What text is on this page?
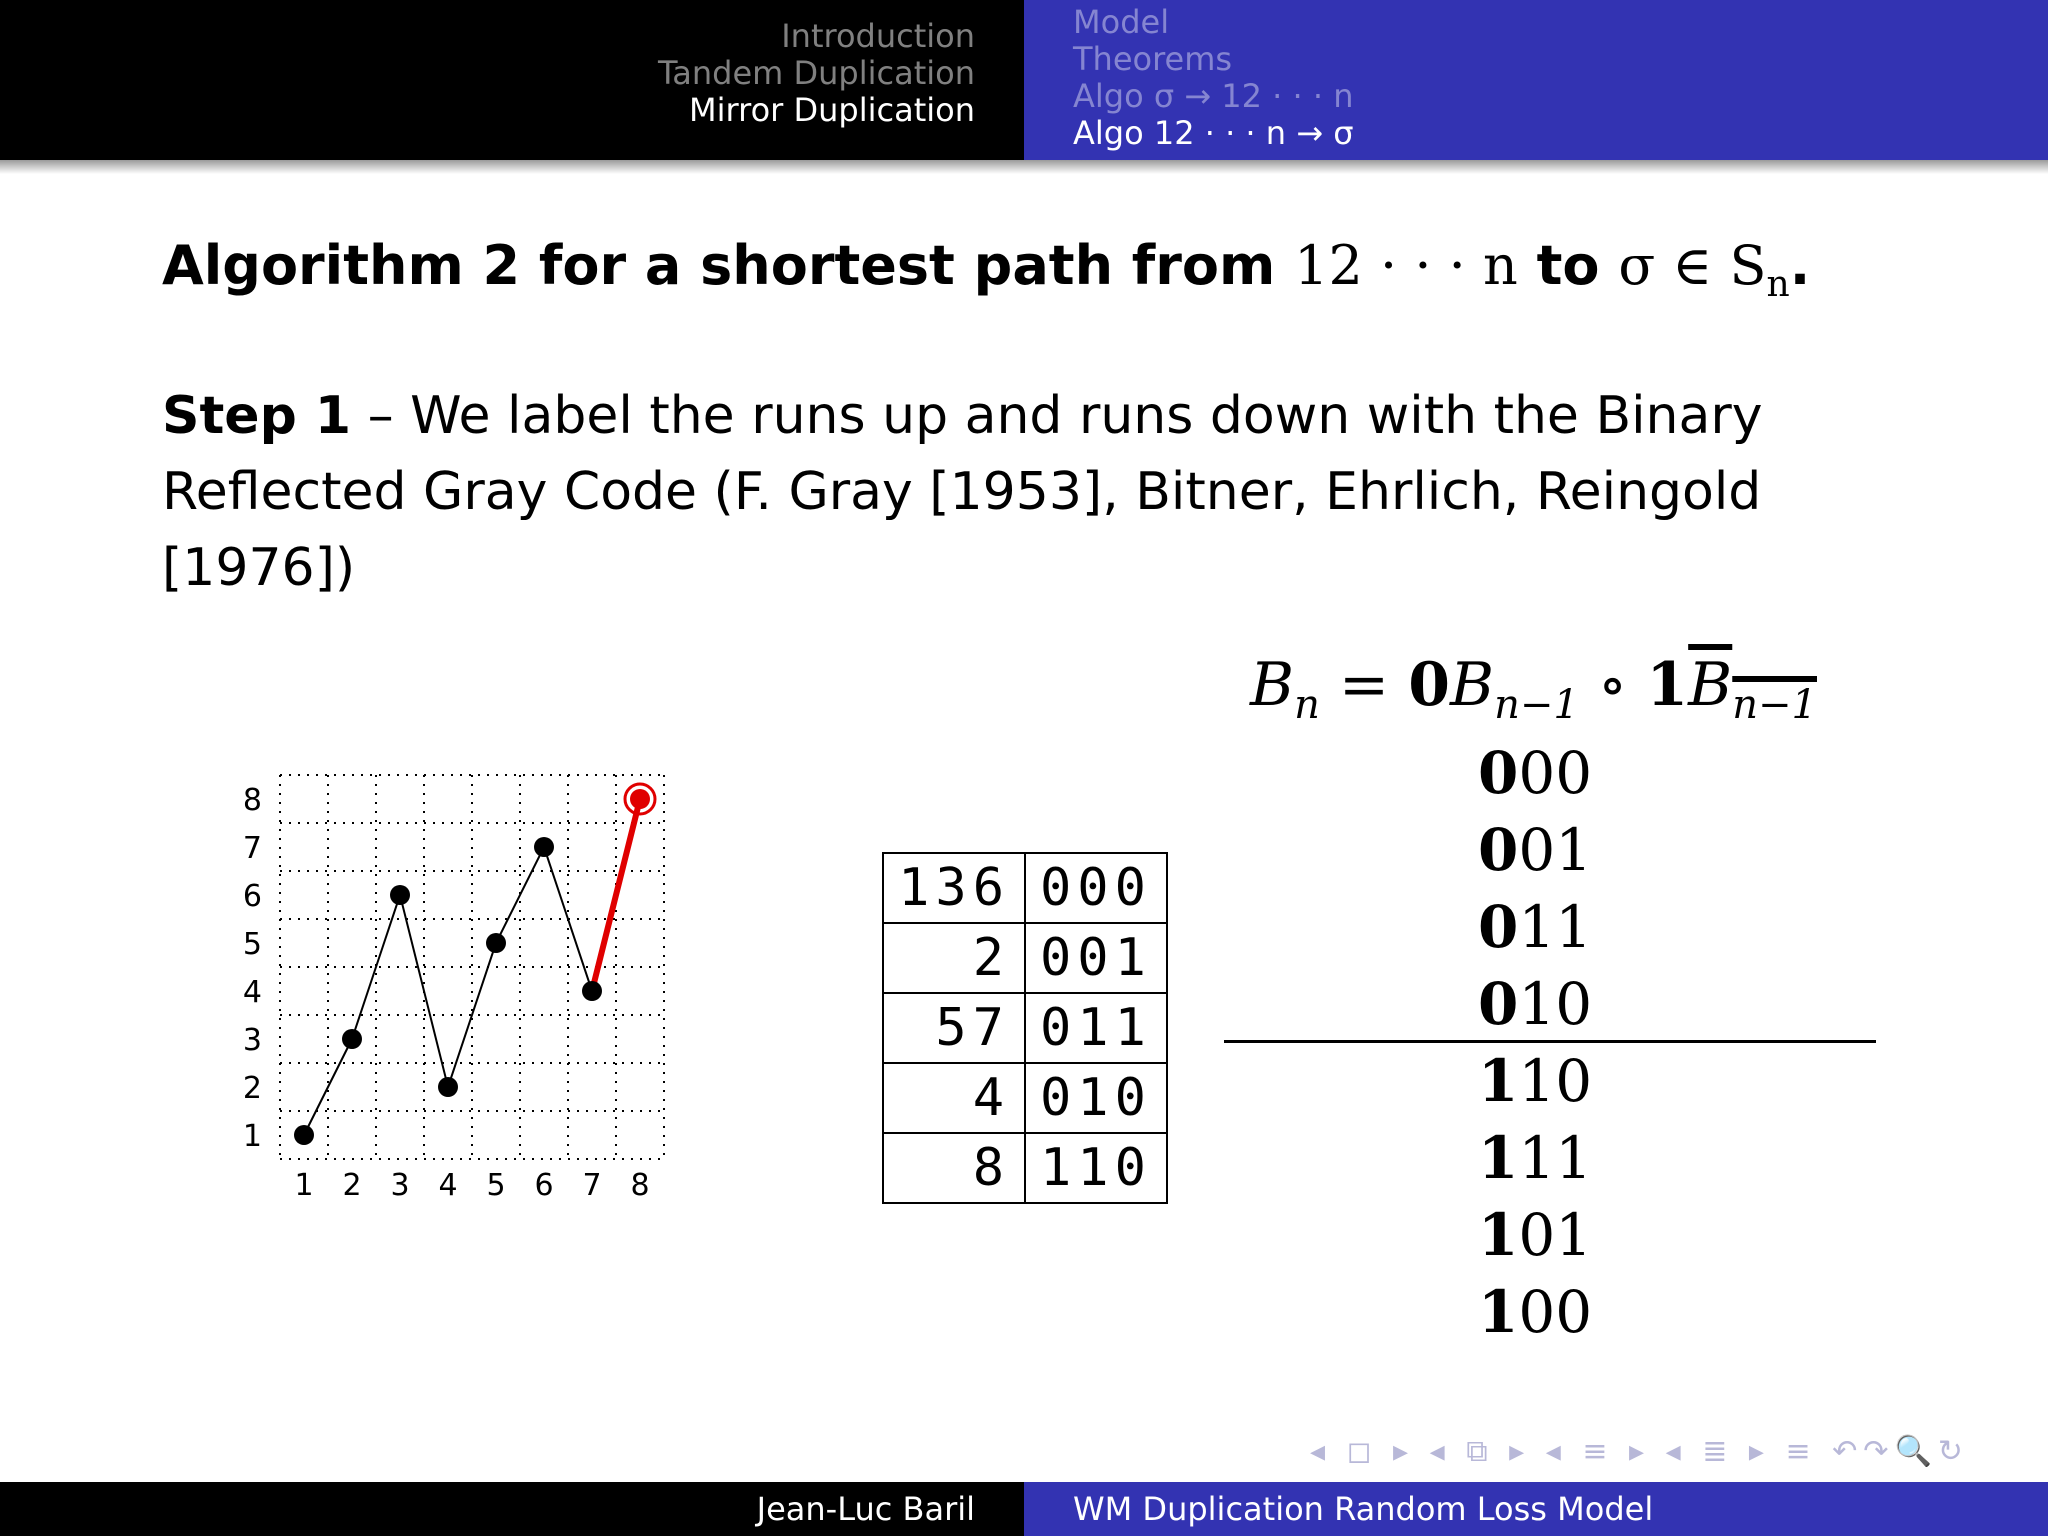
Introduction
Tandem Duplication
Mirror Duplication
Model
Theorems
Algo σ → 12 · · · n
Algo 12 · · · n → σ
Algorithm 2 for a shortest path from 12 · · · n to σ ∈ $S_n$.
Step 1 – We label the runs up and runs down with the Binary Reflected Gray Code (F. Gray [1953], Bitner, Ehrlich, Reingold [1976])
1 2 3 4 5 6 7 8
1
2
3
4
5
6
7
8
136	000
2	001
57	011
4	010
8	110
$B_n = 0B_{n-1}$ ∘ $1B_{n-1}$
000
001
011
010
110
111
101
100
◂ ◻ ▸ ◂ ⧉ ▸ ◂ ≡ ▸ ◂ ≣ ▸ ≡ ↶↷🔍↻
Jean-Luc Baril	WM Duplication Random Loss Model
